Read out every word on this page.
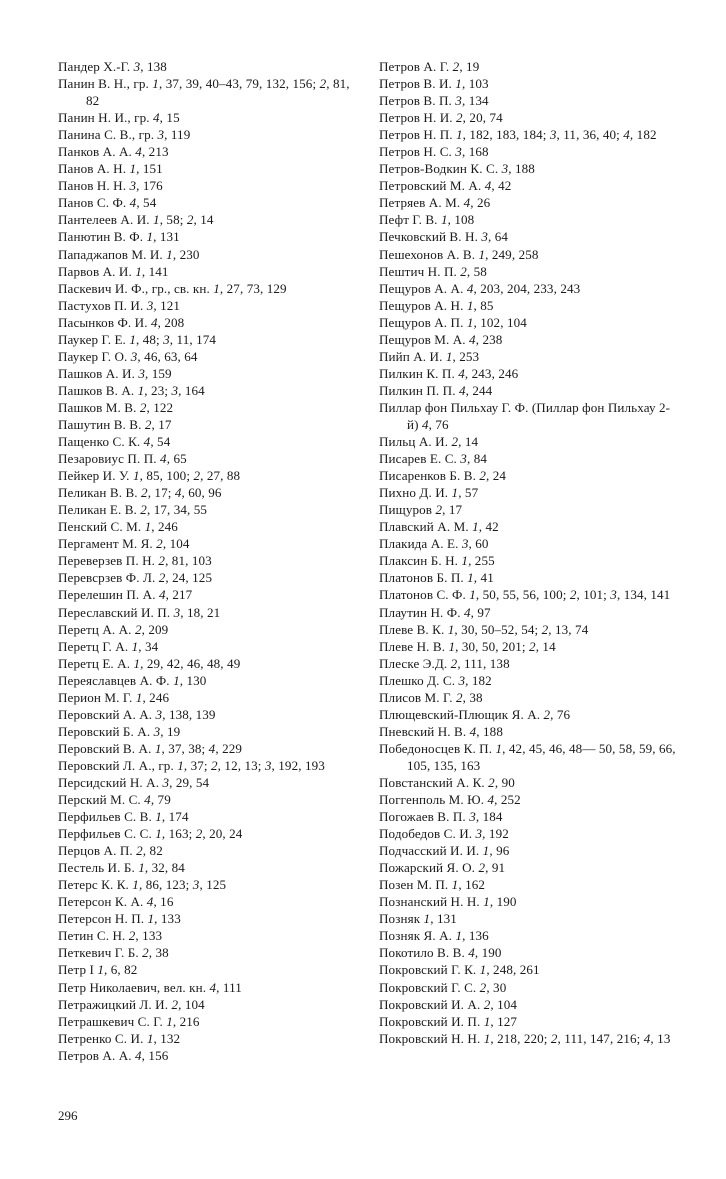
Пандер Х.-Г. 3, 138

Панин В. Н., гр. 1, 37, 39, 40–43, 79, 132, 156; 2, 81, 82

Панин Н. И., гр. 4, 15

Панина С. В., гр. 3, 119

Панков А. А. 4, 213

Панов А. Н. 1, 151

Панов Н. Н. 3, 176

Панов С. Ф. 4, 54

Пантелеев А. И. 1, 58; 2, 14

Панютин В. Ф. 1, 131

Пападжапов М. И. 1, 230

Парвов А. И. 1, 141

Паскевич И. Ф., гр., св. кн. 1, 27, 73, 129

Пастухов П. И. 3, 121

Пасынков Ф. И. 4, 208

Паукер Г. Е. 1, 48; 3, 11, 174

Паукер Г. О. 3, 46, 63, 64

Пашков А. И. 3, 159

Пашков В. А. 1, 23; 3, 164

Пашков М. В. 2, 122

Пашутин В. В. 2, 17

Пащенко С. К. 4, 54

Пезаровиус П. П. 4, 65

Пейкер И. У. 1, 85, 100; 2, 27, 88

Пеликан В. В. 2, 17; 4, 60, 96

Пеликан Е. В. 2, 17, 34, 55

Пенский С. М. 1, 246

Пергамент М. Я. 2, 104

Переверзев П. Н. 2, 81, 103

Перевсрзев Ф. Л. 2, 24, 125

Перелешин П. А. 4, 217

Переславский И. П. 3, 18, 21

Перетц А. А. 2, 209

Перетц Г. А. 1, 34

Перетц Е. А. 1, 29, 42, 46, 48, 49

Переяславцев А. Ф. 1, 130

Перион М. Г. 1, 246

Перовский А. А. 3, 138, 139

Перовский Б. А. 3, 19

Перовский В. А. 1, 37, 38; 4, 229

Перовский Л. А., гр. 1, 37; 2, 12, 13; 3, 192, 193

Персидский Н. А. 3, 29, 54

Перский М. С. 4, 79

Перфильев С. В. 1, 174

Перфильев С. С. 1, 163; 2, 20, 24

Перцов А. П. 2, 82

Пестель И. Б. 1, 32, 84

Петерс К. К. 1, 86, 123; 3, 125

Петерсон К. А. 4, 16

Петерсон Н. П. 1, 133

Петин С. Н. 2, 133

Петкевич Г. Б. 2, 38

Петр I 1, 6, 82

Петр Николаевич, вел. кн. 4, 111

Петражицкий Л. И. 2, 104

Петрашкевич С. Г. 1, 216

Петренко С. И. 1, 132

Петров А. А. 4, 156

Петров А. Г. 2, 19

Петров В. И. 1, 103

Петров В. П. 3, 134

Петров Н. И. 2, 20, 74

Петров Н. П. 1, 182, 183, 184; 3, 11, 36, 40; 4, 182

Петров Н. С. 3, 168

Петров-Водкин К. С. 3, 188

Петровский М. А. 4, 42

Петряев А. М. 4, 26

Пефт Г. В. 1, 108

Печковский В. Н. 3, 64

Пешехонов А. В. 1, 249, 258

Пештич Н. П. 2, 58

Пещуров А. А. 4, 203, 204, 233, 243

Пещуров А. Н. 1, 85

Пещуров А. П. 1, 102, 104

Пещуров М. А. 4, 238

Пийп А. И. 1, 253

Пилкин К. П. 4, 243, 246

Пилкин П. П. 4, 244

Пиллар фон Пильхау Г. Ф. (Пиллар фон Пильхау 2-й) 4, 76

Пильц А. И. 2, 14

Писарев Е. С. 3, 84

Писаренков Б. В. 2, 24

Пихно Д. И. 1, 57

Пищуров 2, 17

Плавский А. М. 1, 42

Плакида А. Е. 3, 60

Плаксин Б. Н. 1, 255

Платонов Б. П. 1, 41

Платонов С. Ф. 1, 50, 55, 56, 100; 2, 101; 3, 134, 141

Плаутин Н. Ф. 4, 97

Плеве В. К. 1, 30, 50–52, 54; 2, 13, 74

Плеве Н. В. 1, 30, 50, 201; 2, 14

Плеске Э.Д. 2, 111, 138

Плешко Д. С. 3, 182

Плисов М. Г. 2, 38

Плющевский-Плющик Я. А. 2, 76

Пневский Н. В. 4, 188

Победоносцев К. П. 1, 42, 45, 46, 48— 50, 58, 59, 66, 105, 135, 163

Повстанский А. К. 2, 90

Поггенполь М. Ю. 4, 252

Погожаев В. П. 3, 184

Подобедов С. И. 3, 192

Подчасский И. И. 1, 96

Пожарский Я. О. 2, 91

Позен М. П. 1, 162

Познанский Н. Н. 1, 190

Позняк 1, 131

Позняк Я. А. 1, 136

Покотило В. В. 4, 190

Покровский Г. К. 1, 248, 261

Покровский Г. С. 2, 30

Покровский И. А. 2, 104

Покровский И. П. 1, 127

Покровский Н. Н. 1, 218, 220; 2, 111, 147, 216; 4, 13

296
